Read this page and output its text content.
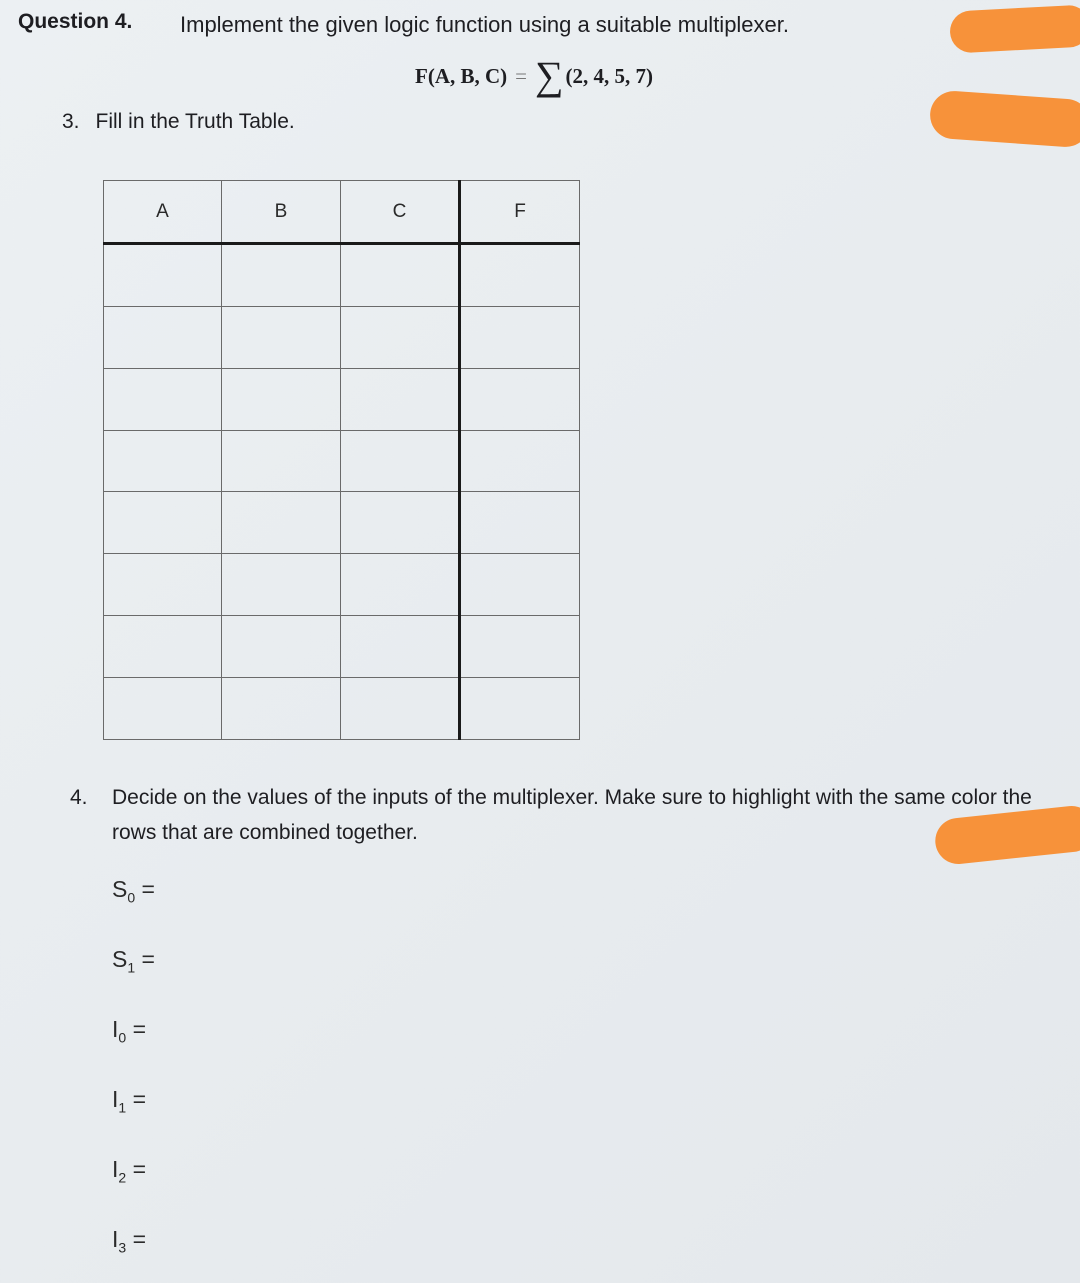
Question 4. Implement the given logic function using a suitable multiplexer.
F(A, B, C) = ∑(2, 4, 5, 7)
3. Fill in the Truth Table.
A	B	C	F

4. Decide on the values of the inputs of the multiplexer. Make sure to highlight with the same color the rows that are combined together.
$S_0$ =
$S_1$ =
$I_0$ =
$I_1$ =
$I_2$ =
$I_3$ =
